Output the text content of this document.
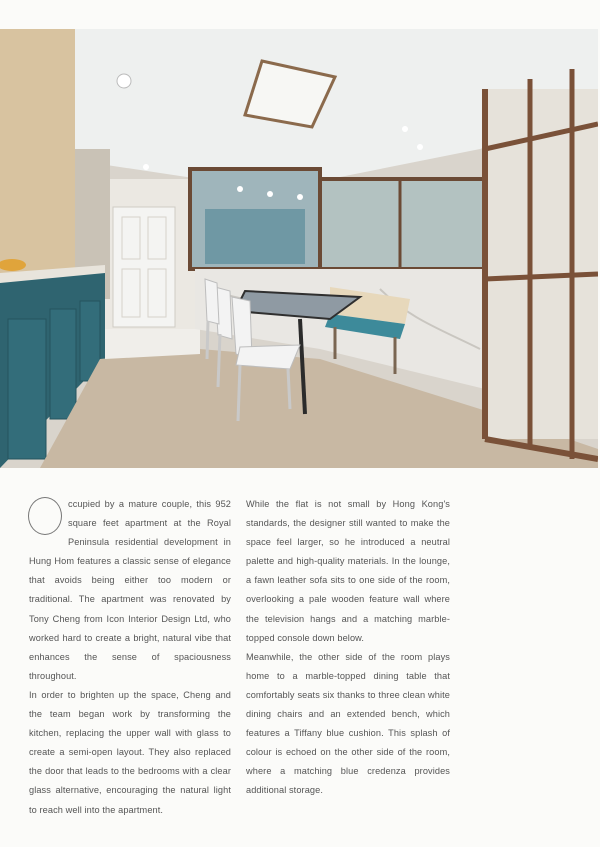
ccupied by a mature couple, this 952 square feet apartment at the Royal Peninsula residential development in Hung Hom features a classic sense of elegance that avoids being either too modern or traditional. The apartment was renovated by Tony Cheng from Icon Interior Design Ltd, who worked hard to create a bright, natural vibe that enhances the sense of spaciousness throughout.

In order to brighten up the space, Cheng and the team began work by transforming the kitchen, replacing the upper wall with glass to create a semi-open layout. They also replaced the door that leads to the bedrooms with a clear glass alternative, encouraging the natural light to reach well into the apartment.

While the flat is not small by Hong Kong's standards, the designer still wanted to make the space feel larger, so he introduced a neutral palette and high-quality materials. In the lounge, a fawn leather sofa sits to one side of the room, overlooking a pale wooden feature wall where the television hangs and a matching marble-topped console down below.

Meanwhile, the other side of the room plays home to a marble-topped dining table that comfortably seats six thanks to three clean white dining chairs and an extended bench, which features a Tiffany blue cushion. This splash of colour is echoed on the other side of the room, where a matching blue credenza provides additional storage.
